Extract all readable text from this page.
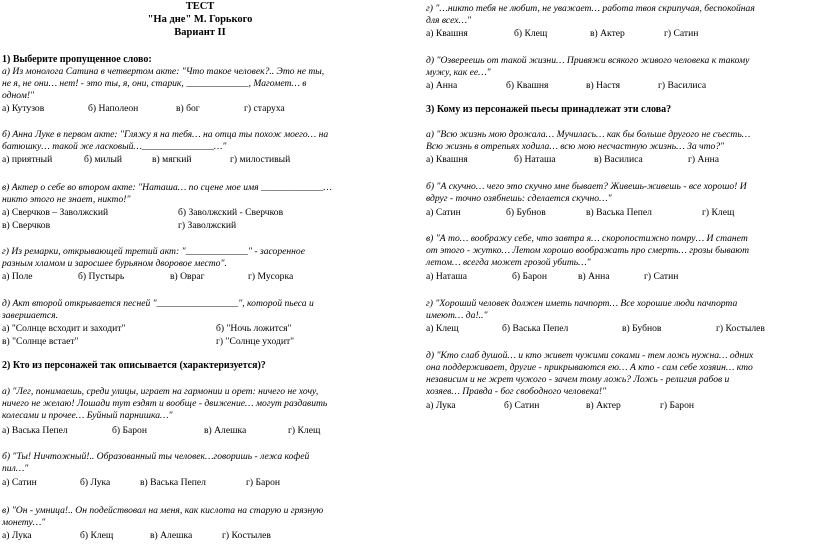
ТЕСТ
"На дне" М. Горького
Вариант II
1) Выберите пропущенное слово:
а) Из монолога Сатина в четвертом акте: "Что такое человек?.. Это не ты,
не я, не они… нет! - это ты, я, они, старик, _____________, Магомет… в
одном!"
а) Кутузов	б) Наполеон	в) бог	г) старуха
б) Анна Луке в первом акте: "Гляжу я на тебя… на отца ты похож моего… на
батюшку… такой же ласковый…_______________…"
а) приятный	б) милый	в) мягкий	г) милостивый
в) Актер о себе во втором акте: "Наташа… по сцене мое имя _____________…
никто этого не знает, никто!"
а) Сверчков – Заволжский	б) Заволжский - Сверчков
в) Сверчков	г) Заволжский
г) Из ремарки, открывающей третий акт: "_____________" - засоренное
разным хламом и заросшее бурьяном дворовое место".
а) Поле	б) Пустырь	в) Овраг	г) Мусорка
д) Акт второй открывается песней "_________________", которой пьеса и
завершается.
а) "Солнце всходит и заходит"	б) "Ночь ложится"
в) "Солнце встает"	г) "Солнце уходит"
2) Кто из персонажей так описывается (характеризуется)?
а) "Лег, понимаешь, среди улицы, играет на гармонии и орет: ничего не хочу,
ничего не желаю! Лошади тут ездят и вообще - движение… могут раздавить
колесами и прочее… Буйный парнишка…"
а) Васька Пепел	б) Барон	в) Алешка	г) Клещ
б) "Ты! Ничтожный!.. Образованный ты человек…говоришь - лежа кофей
пил…"
а) Сатин	б) Лука	в) Васька Пепел	г) Барон
в) "Он - умница!.. Он подействовал на меня, как кислота на старую и грязную
монету…"
а) Лука	б) Клещ	в) Алешка	г) Костылев
г) "…никто тебя не любит, не уважает… работа твоя скрипучая, беспокойная
для всех…"
а) Квашня	б) Клещ	в) Актер	г) Сатин
д) "Озвереешь от такой жизни… Привяжи всякого живого человека к такому
мужу, как ее…"
а) Анна	б) Квашня	в) Настя	г) Василиса
3) Кому из персонажей пьесы принадлежат эти слова?
а) "Всю жизнь мою дрожала… Мучилась… как бы больше другого не съесть…
Всю жизнь в отрепьях ходила… всю мою несчастную жизнь… За что?"
а) Квашня	б) Наташа	в) Василиса	г) Анна
б) "А скучно… чего это скучно мне бывает? Живешь-живешь - все хорошо! И
вдруг - точно озябнешь: сделается скучно…"
а) Сатин	б) Бубнов	в) Васька Пепел	г) Клещ
в) "А то… воображу себе, что завтра я… скоропостижно помру… И станет
от этого - жутко… Летом хорошо воображать про смерть… грозы бывают
летом… всегда может грозой убить…"
а) Наташа	б) Барон	в) Анна	г) Сатин
г) "Хороший человек должен иметь пачпорт… Все хорошие люди пачпорта
имеют… да!.."
а) Клещ	б) Васька Пепел	в) Бубнов	г) Костылев
д) "Кто слаб душой… и кто живет чужими соками - тем ложь нужна… одних
она поддерживает, другие - прикрываются ею… А кто - сам себе хозяин… кто
независим и не жрет чужого - зачем тому ложь? Ложь - религия рабов и
хозяев… Правда - бог свободного человека!"
а) Лука	б) Сатин	в) Актер	г) Барон
